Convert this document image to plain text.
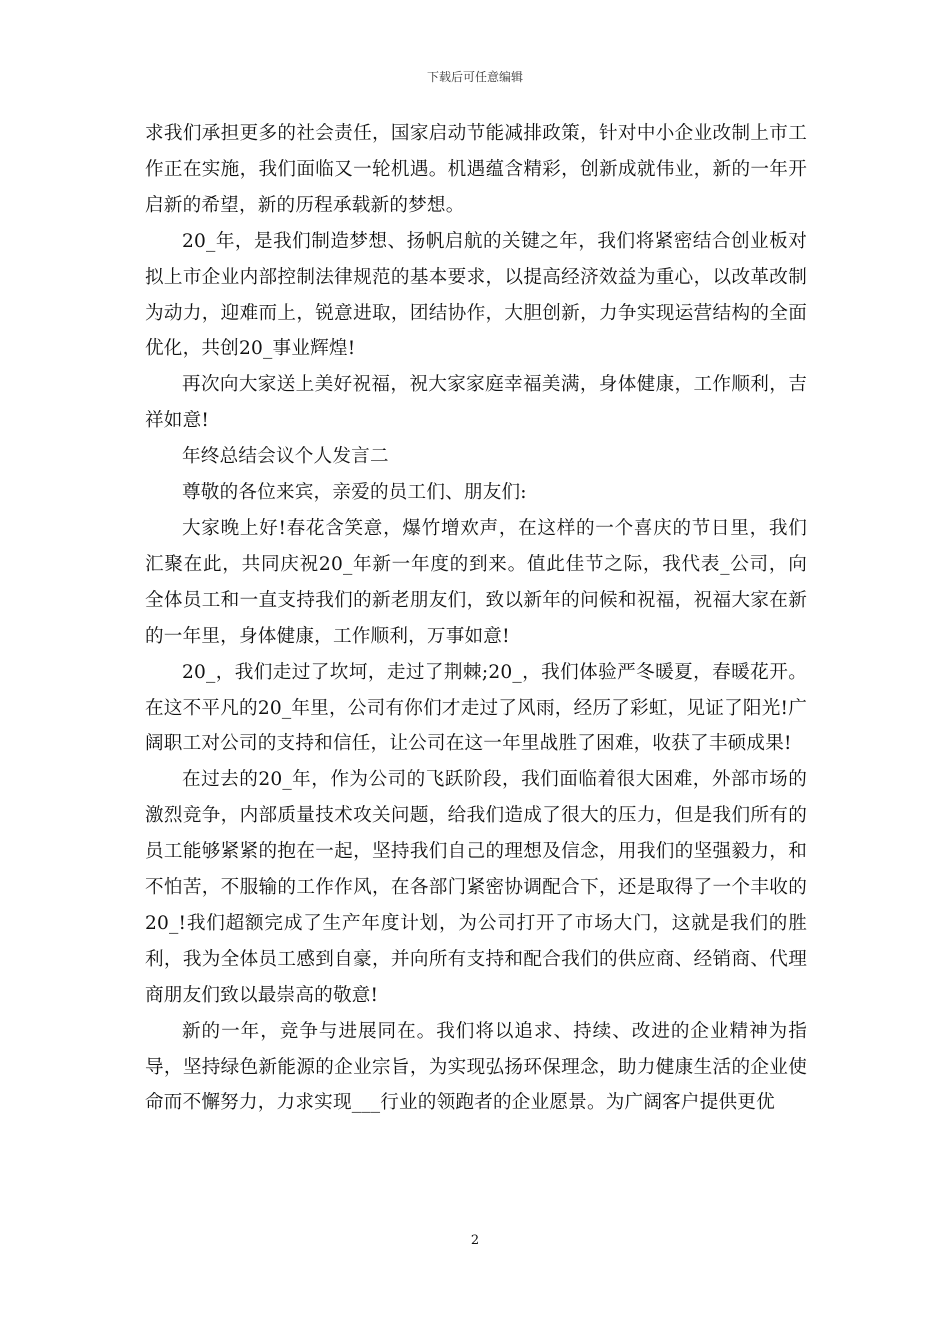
下载后可任意编辑

求我们承担更多的社会责任，国家启动节能减排政策，针对中小企业改制上市工作正在实施，我们面临又一轮机遇。机遇蕴含精彩，创新成就伟业，新的一年开启新的希望，新的历程承载新的梦想。

20_年，是我们制造梦想、扬帆启航的关键之年，我们将紧密结合创业板对拟上市企业内部控制法律规范的基本要求，以提高经济效益为重心，以改革改制为动力，迎难而上，锐意进取，团结协作，大胆创新，力争实现运营结构的全面优化，共创20_事业辉煌!

再次向大家送上美好祝福，祝大家家庭幸福美满，身体健康，工作顺利，吉祥如意!

年终总结会议个人发言二

尊敬的各位来宾，亲爱的员工们、朋友们:

大家晚上好!春花含笑意，爆竹增欢声，在这样的一个喜庆的节日里，我们汇聚在此，共同庆祝20_年新一年度的到来。值此佳节之际，我代表_公司，向全体员工和一直支持我们的新老朋友们，致以新年的问候和祝福，祝福大家在新的一年里，身体健康，工作顺利，万事如意!

20_，我们走过了坎坷，走过了荆棘;20_，我们体验严冬暖夏，春暖花开。在这不平凡的20_年里，公司有你们才走过了风雨，经历了彩虹，见证了阳光!广阔职工对公司的支持和信任，让公司在这一年里战胜了困难，收获了丰硕成果!

在过去的20_年，作为公司的飞跃阶段，我们面临着很大困难，外部市场的激烈竞争，内部质量技术攻关问题，给我们造成了很大的压力，但是我们所有的员工能够紧紧的抱在一起，坚持我们自己的理想及信念，用我们的坚强毅力，和不怕苦，不服输的工作作风，在各部门紧密协调配合下，还是取得了一个丰收的20_!我们超额完成了生产年度计划，为公司打开了市场大门，这就是我们的胜利，我为全体员工感到自豪，并向所有支持和配合我们的供应商、经销商、代理商朋友们致以最崇高的敬意!

新的一年，竞争与进展同在。我们将以追求、持续、改进的企业精神为指导，坚持绿色新能源的企业宗旨，为实现弘扬环保理念，助力健康生活的企业使命而不懈努力，力求实现___行业的领跑者的企业愿景。为广阔客户提供更优

2
